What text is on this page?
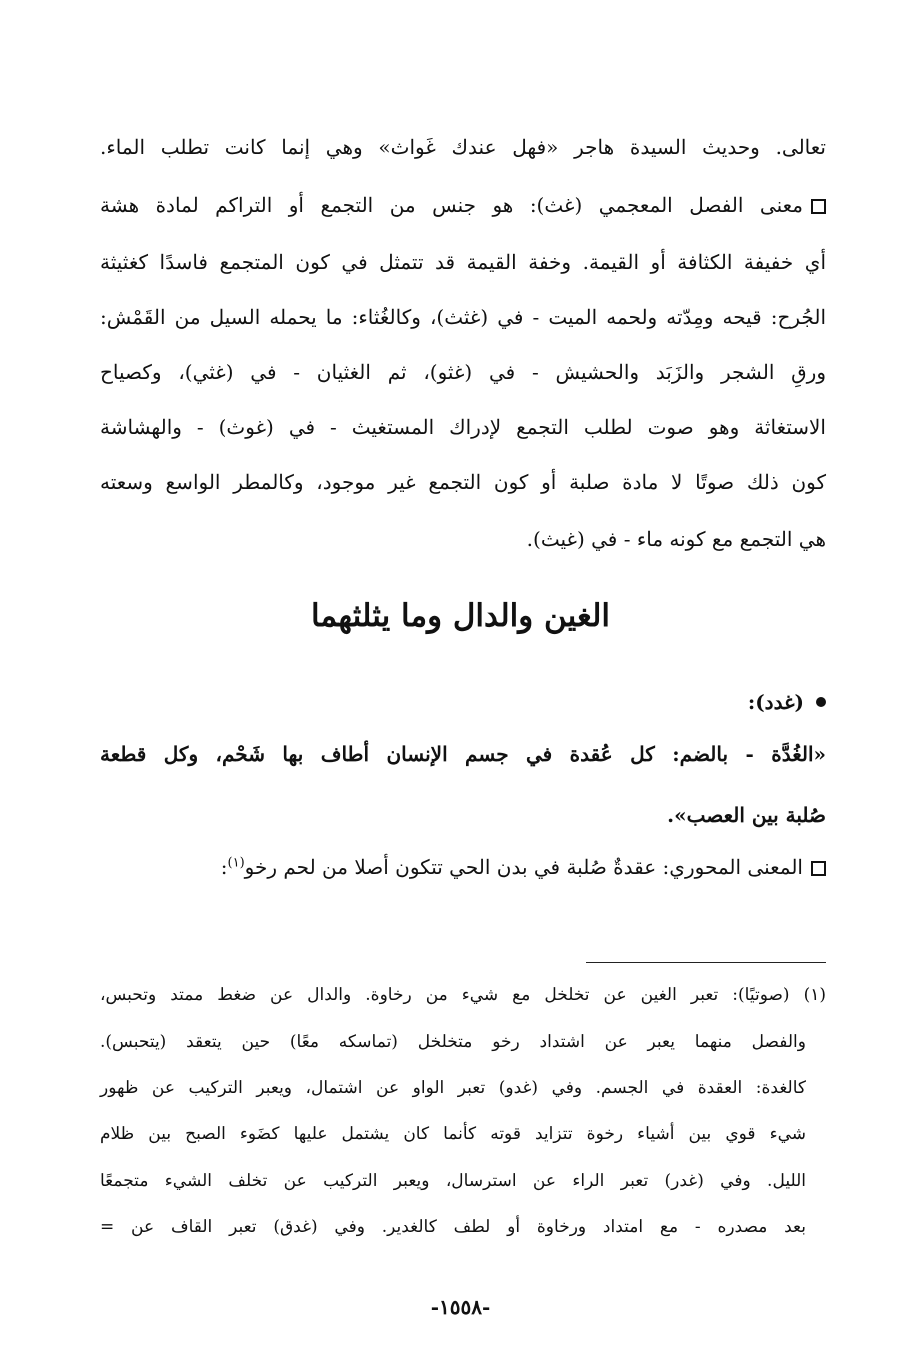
تعالى. وحديث السيدة هاجر «فهل عندك غَواث» وهي إنما كانت تطلب الماء.
معنى الفصل المعجمي (غث): هو جنس من التجمع أو التراكم لمادة هشة
أي خفيفة الكثافة أو القيمة. وخفة القيمة قد تتمثل في كون المتجمع فاسدًا كغثيثة
الجُرح: قيحه ومِدّته ولحمه الميت - في (غثث)، وكالغُثاء: ما يحمله السيل من القَمْش:
ورقِ الشجر والزَبَد والحشيش - في (غثو)، ثم الغثيان - في (غثي)، وكصياح
الاستغاثة وهو صوت لطلب التجمع لإدراك المستغيث - في (غوث) - والهشاشة
كون ذلك صوتًا لا مادة صلبة أو كون التجمع غير موجود، وكالمطر الواسع وسعته
هي التجمع مع كونه ماء - في (غيث).
الغين والدال وما يثلثهما
(غدد):
«الغُدَّة - بالضم: كل عُقدة في جسم الإنسان أطاف بها شَحْم، وكل قطعة
صُلبة بين العصب».
المعنى المحوري: عقدةٌ صُلبة في بدن الحي تتكون أصلا من لحم رخو$^{(١)}$:
(١) (صوتيًا): تعبر الغين عن تخلخل مع شيء من رخاوة. والدال عن ضغط ممتد وتحبس،
والفصل منهما يعبر عن اشتداد رخو متخلخل (تماسكه معًا) حين يتعقد (يتحبس).
كالغدة: العقدة في الجسم. وفي (غدو) تعبر الواو عن اشتمال، ويعبر التركيب عن ظهور
شيء قوي بين أشياء رخوة تتزايد قوته كأنما كان يشتمل عليها كضَوء الصبح بين ظلام
الليل. وفي (غدر) تعبر الراء عن استرسال، ويعبر التركيب عن تخلف الشيء متجمعًا
بعد مصدره - مع امتداد ورخاوة أو لطف كالغدير. وفي (غدق) تعبر القاف عن =
-١٥٥٨-
